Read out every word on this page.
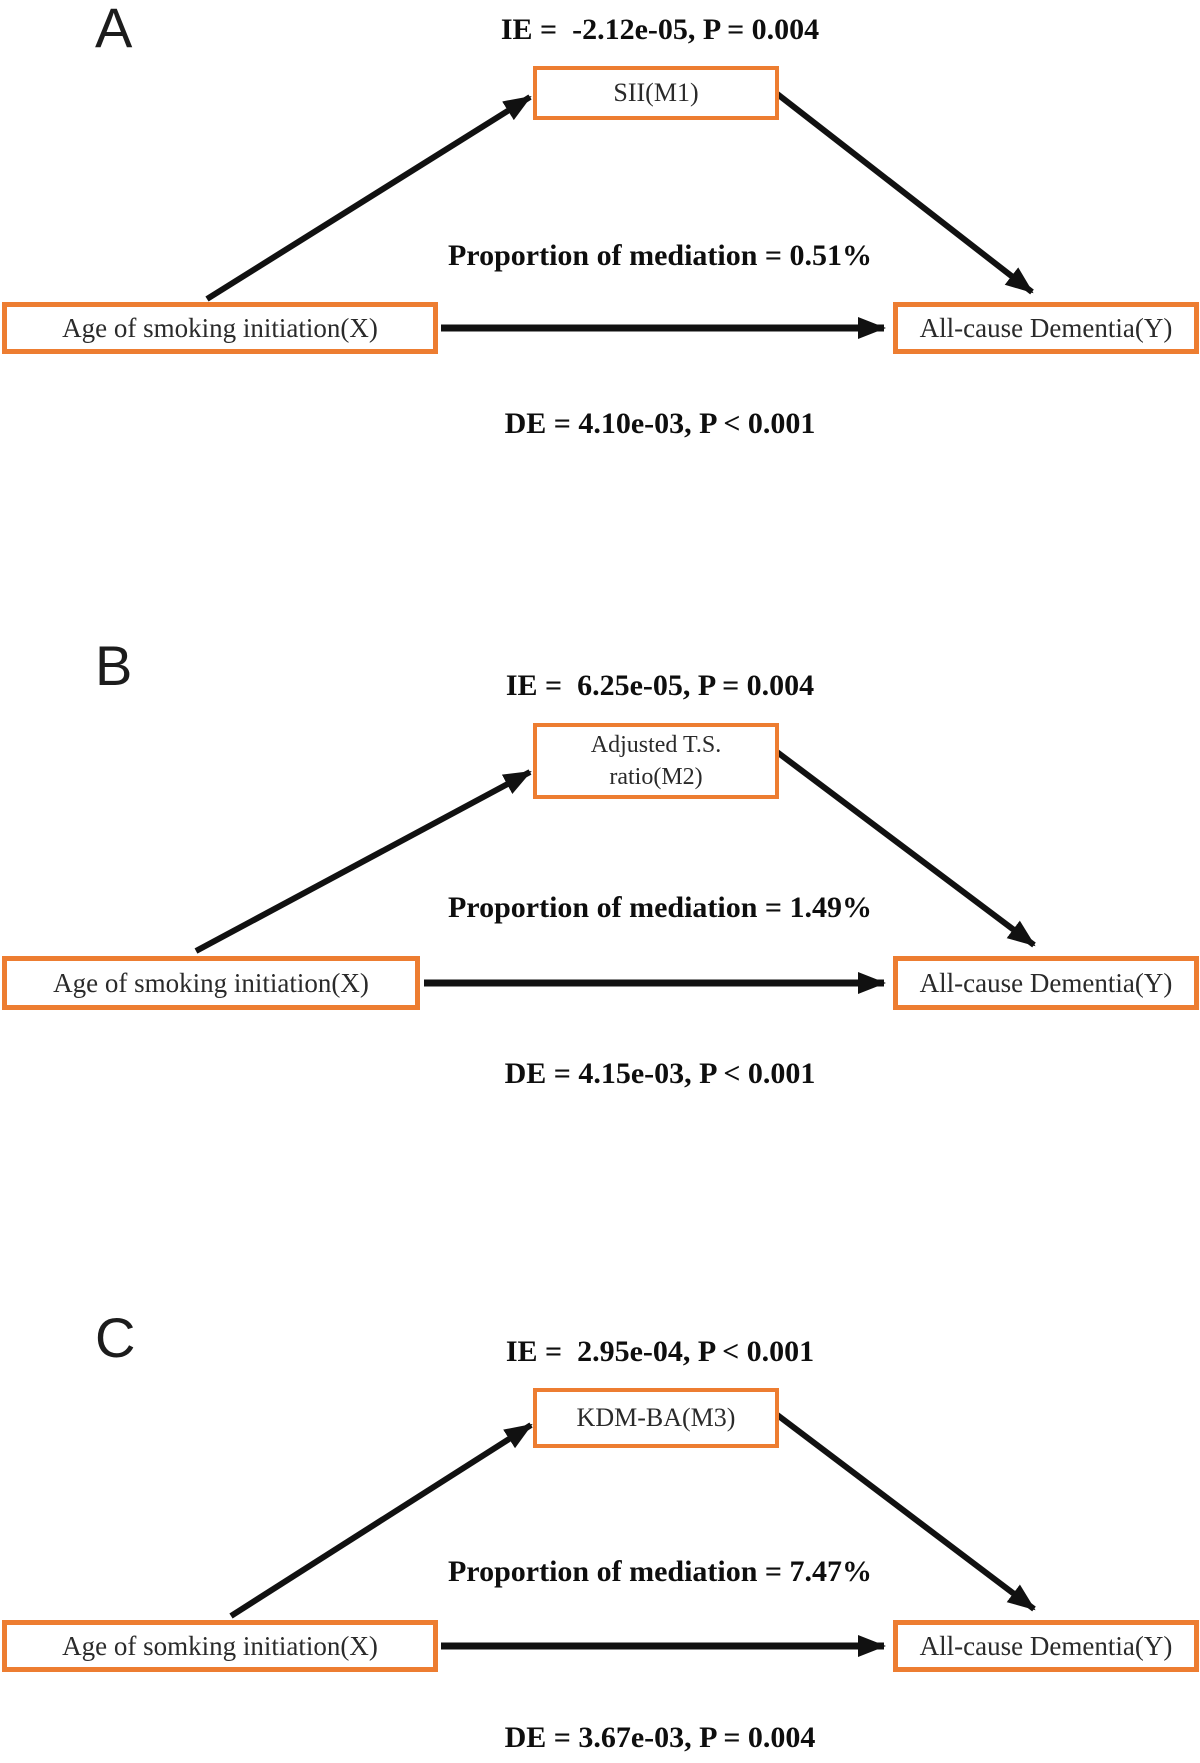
A	IE =  -2.12e-05, P = 0.004
SII(M1)
Proportion of mediation = 0.51%
Age of smoking initiation(X)	All-cause Dementia(Y)
DE = 4.10e-03, P < 0.001
B	IE =  6.25e-05, P = 0.004
Adjusted T.S.
ratio(M2)
Proportion of mediation = 1.49%
Age of smoking initiation(X)	All-cause Dementia(Y)
DE = 4.15e-03, P < 0.001
C	IE =  2.95e-04, P < 0.001
KDM-BA(M3)
Proportion of mediation = 7.47%
Age of somking initiation(X)	All-cause Dementia(Y)
DE = 3.67e-03, P = 0.004
